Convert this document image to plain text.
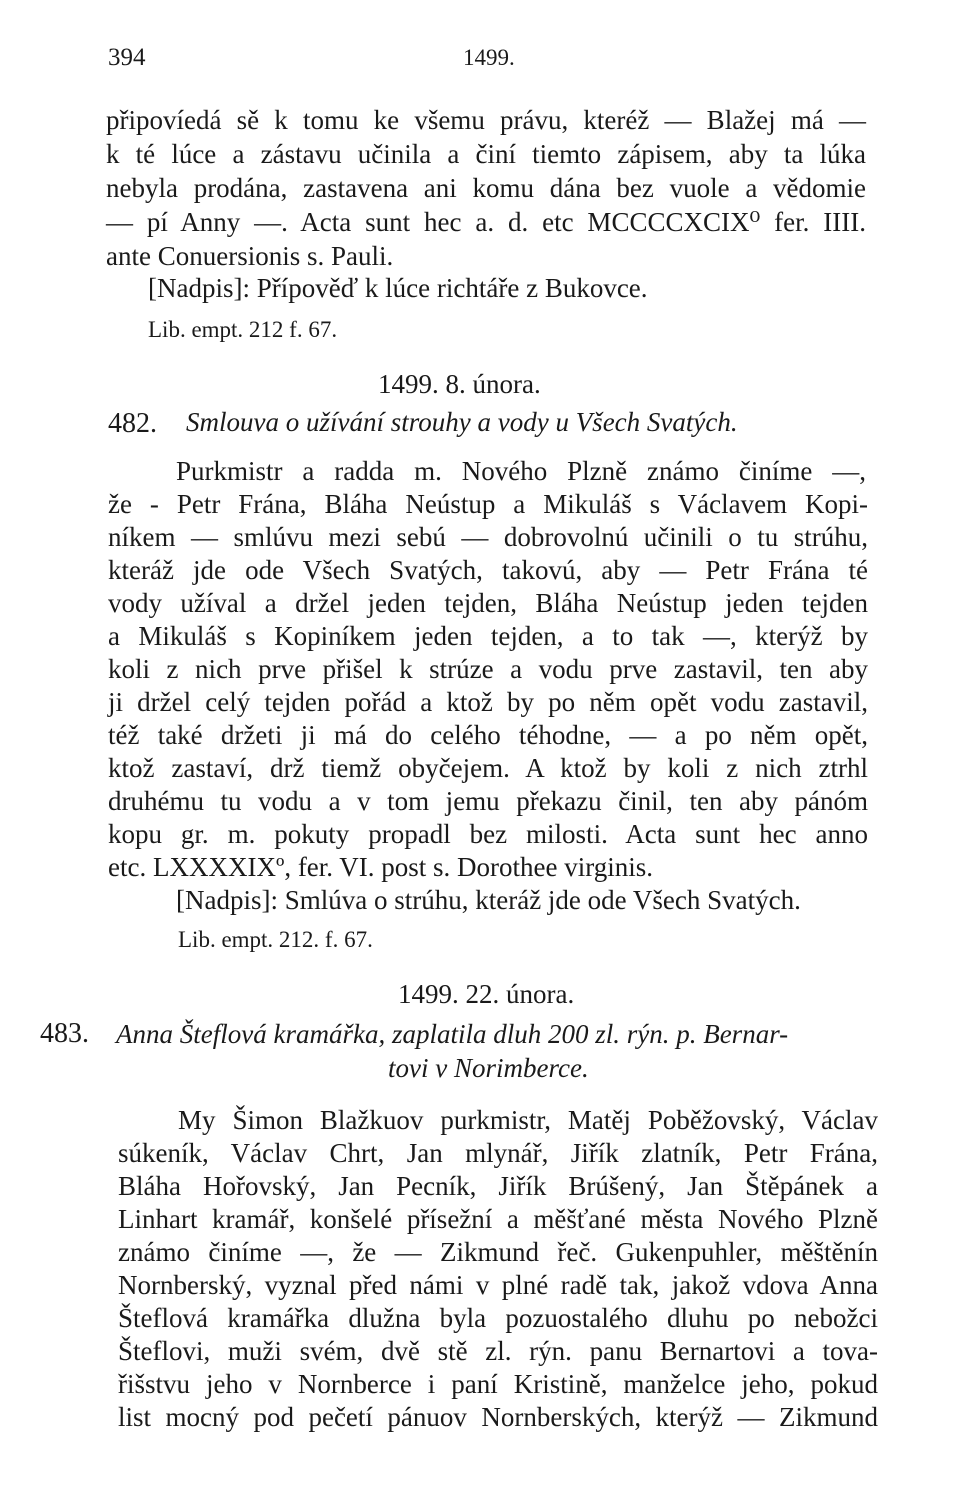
394	1499.
připovíedá sě k tomu ke všemu právu, kteréž — Blažej má —
k té lúce a zástavu učinila a činí tiemto zápisem, aby ta lúka
nebyla prodána, zastavena ani komu dána bez vuole a vědomie
— pí Anny —. Acta sunt hec a. d. etc MCCCCXCIX⁰ fer. IIII.
ante Conuersionis s. Pauli.
[Nadpis]: Přípověď k lúce richtáře z Bukovce.
Lib. empt. 212 f. 67.
1499. 8. února.
482. Smlouva o užívání strouhy a vody u Všech Svatých.
Purkmistr a radda m. Nového Plzně známo činíme —,
že - Petr Frána, Bláha Neústup a Mikuláš s Václavem Kopi-
níkem — smlúvu mezi sebú — dobrovolnú učinili o tu strúhu,
kteráž jde ode Všech Svatých, takovú, aby — Petr Frána té
vody užíval a držel jeden tejden, Bláha Neústup jeden tejden
a Mikuláš s Kopiníkem jeden tejden, a to tak —, kterýž by
koli z nich prve přišel k strúze a vodu prve zastavil, ten aby
ji držel celý tejden pořád a ktož by po něm opět vodu zastavil,
též také držeti ji má do celého téhodne, — a po něm opět,
ktož zastaví, drž tiemž obyčejem. A ktož by koli z nich ztrhl
druhému tu vodu a v tom jemu překazu činil, ten aby pánóm
kopu gr. m. pokuty propadl bez milosti. Acta sunt hec anno
etc. LXXXXIXº, fer. VI. post s. Dorothee virginis.
[Nadpis]: Smlúva o strúhu, kteráž jde ode Všech Svatých.
Lib. empt. 212. f. 67.
1499. 22. února.
483. Anna Šteflová kramářka, zaplatila dluh 200 zl. rýn. p. Bernar-
tovi v Norimberce.
My Šimon Blažkuov purkmistr, Matěj Poběžovský, Václav
súkeník, Václav Chrt, Jan mlynář, Jiřík zlatník, Petr Frána,
Bláha Hořovský, Jan Pecník, Jiřík Brúšený, Jan Štěpánek a
Linhart kramář, konšelé přísežní a měšťané města Nového Plzně
známo činíme —, že — Zikmund řeč. Gukenpuhler, měštěnín
Nornberský, vyznal před námi v plné radě tak, jakož vdova Anna
Šteflová kramářka dlužna byla pozuostalého dluhu po nebožci
Šteflovi, muži svém, dvě stě zl. rýn. panu Bernartovi a tova-
řišstvu jeho v Nornberce i paní Kristině, manželce jeho, pokud
list mocný pod pečetí pánuov Nornberských, kterýž — Zikmund
